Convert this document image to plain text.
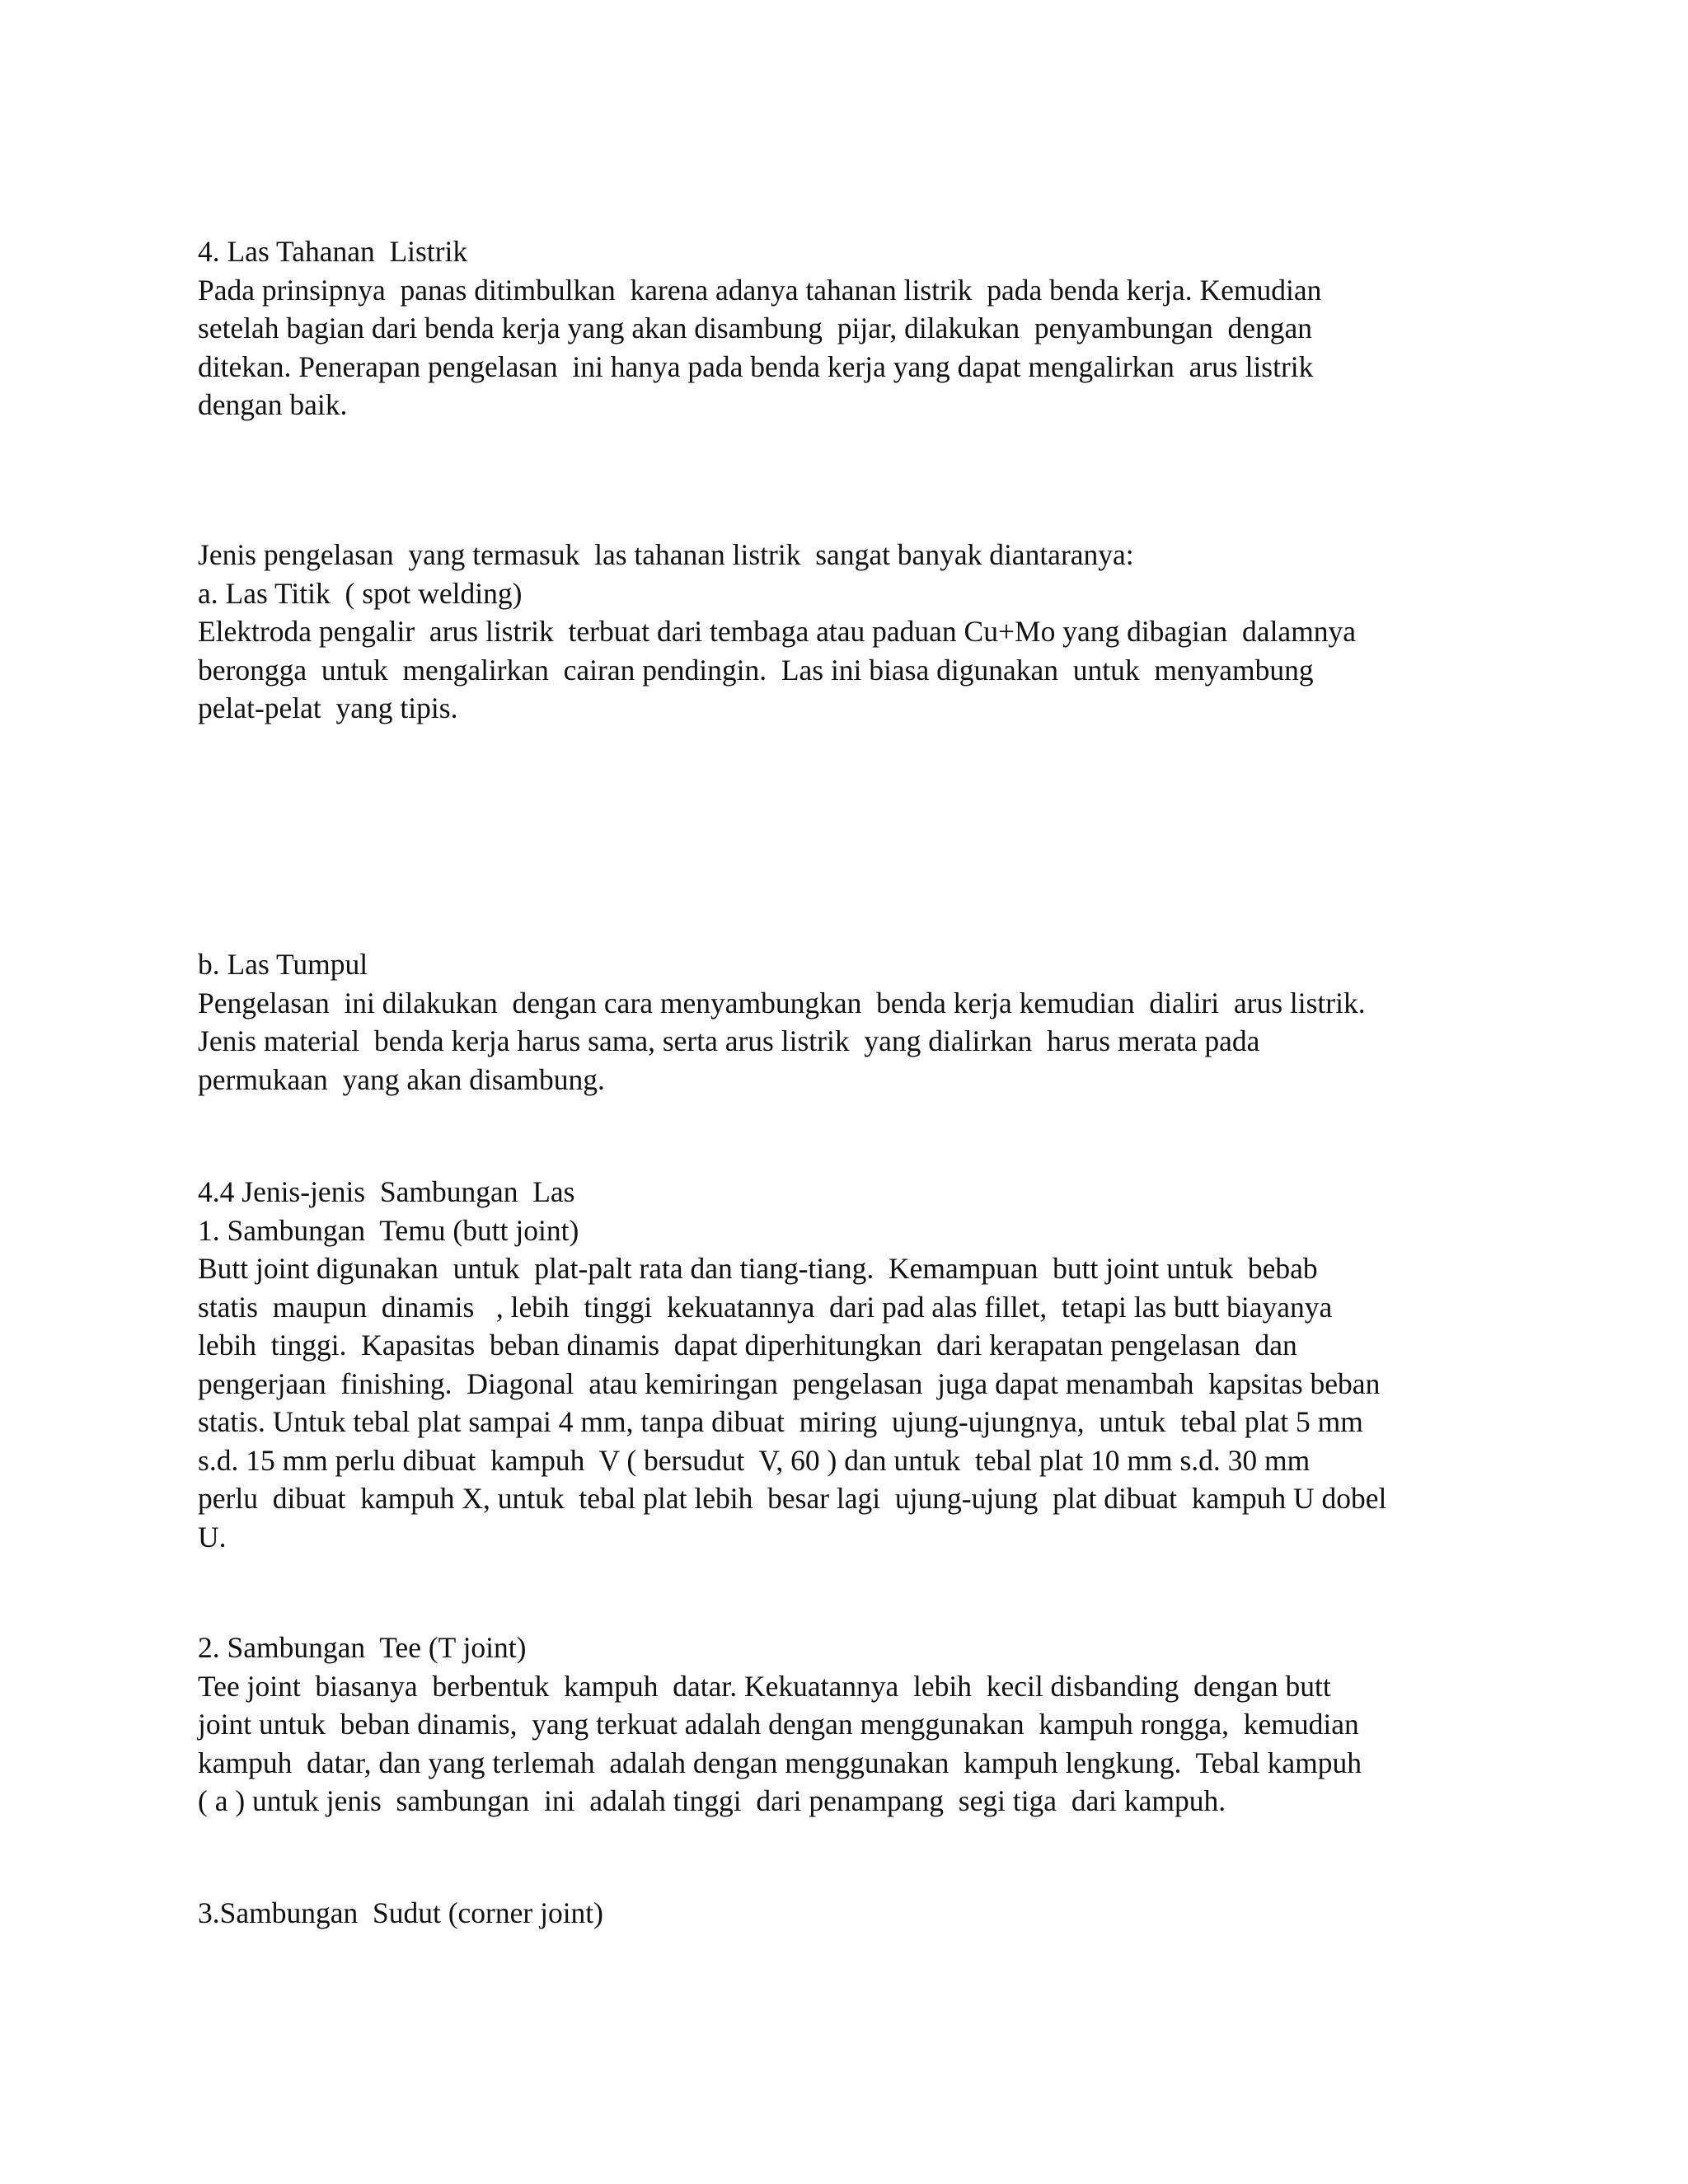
4. Las Tahanan  Listrik
Pada prinsipnya  panas ditimbulkan  karena adanya tahanan listrik  pada benda kerja. Kemudian
setelah bagian dari benda kerja yang akan disambung  pijar, dilakukan  penyambungan  dengan
ditekan. Penerapan pengelasan  ini hanya pada benda kerja yang dapat mengalirkan  arus listrik
dengan baik.
Jenis pengelasan  yang termasuk  las tahanan listrik  sangat banyak diantaranya:
a. Las Titik  ( spot welding)
Elektroda pengalir  arus listrik  terbuat dari tembaga atau paduan Cu+Mo yang dibagian  dalamnya
berongga  untuk  mengalirkan  cairan pendingin.  Las ini biasa digunakan  untuk  menyambung
pelat-pelat  yang tipis.
b. Las Tumpul
Pengelasan  ini dilakukan  dengan cara menyambungkan  benda kerja kemudian  dialiri  arus listrik.
Jenis material  benda kerja harus sama, serta arus listrik  yang dialirkan  harus merata pada
permukaan  yang akan disambung.
4.4 Jenis-jenis  Sambungan  Las
1. Sambungan  Temu (butt joint)
Butt joint digunakan  untuk  plat-palt rata dan tiang-tiang.  Kemampuan  butt joint untuk  bebab
statis  maupun  dinamis   , lebih  tinggi  kekuatannya  dari pad alas fillet,  tetapi las butt biayanya
lebih  tinggi.  Kapasitas  beban dinamis  dapat diperhitungkan  dari kerapatan pengelasan  dan
pengerjaan  finishing.  Diagonal  atau kemiringan  pengelasan  juga dapat menambah  kapsitas beban
statis. Untuk tebal plat sampai 4 mm, tanpa dibuat  miring  ujung-ujungnya,  untuk  tebal plat 5 mm
s.d. 15 mm perlu dibuat  kampuh  V ( bersudut  V, 60 ) dan untuk  tebal plat 10 mm s.d. 30 mm
perlu  dibuat  kampuh X, untuk  tebal plat lebih  besar lagi  ujung-ujung  plat dibuat  kampuh U dobel
U.
2. Sambungan  Tee (T joint)
Tee joint  biasanya  berbentuk  kampuh  datar. Kekuatannya  lebih  kecil disbanding  dengan butt
joint untuk  beban dinamis,  yang terkuat adalah dengan menggunakan  kampuh rongga,  kemudian
kampuh  datar, dan yang terlemah  adalah dengan menggunakan  kampuh lengkung.  Tebal kampuh
( a ) untuk jenis  sambungan  ini  adalah tinggi  dari penampang  segi tiga  dari kampuh.
3.Sambungan  Sudut (corner joint)
